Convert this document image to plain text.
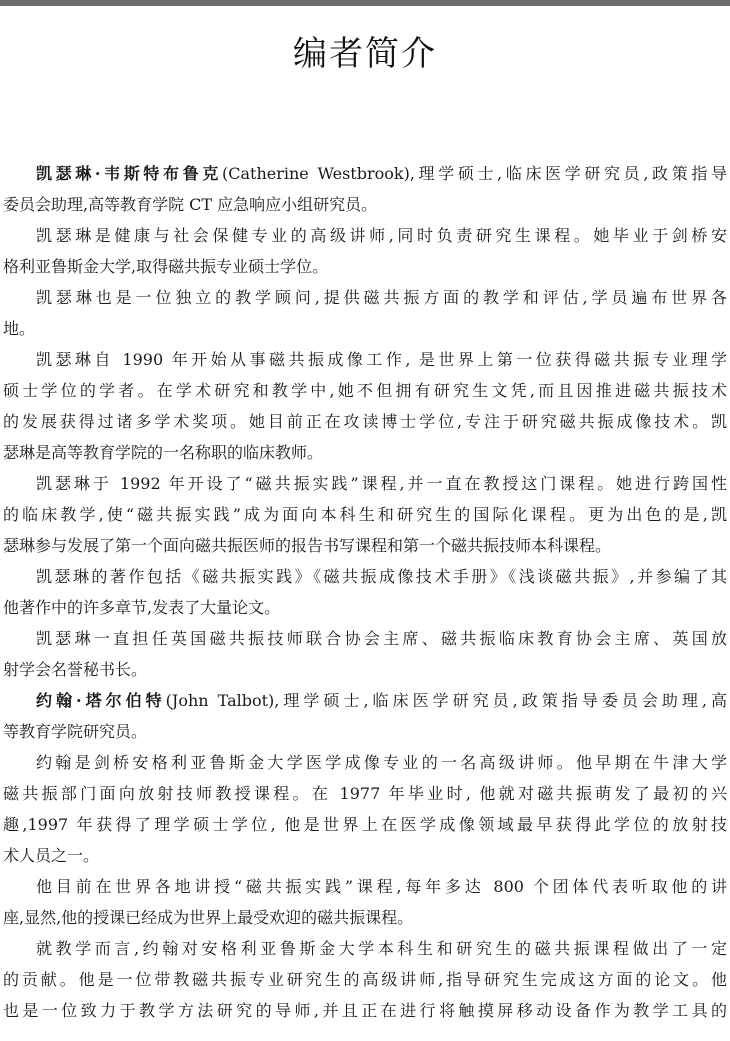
编者简介
凯瑟琳·韦斯特布鲁克(Catherine Westbrook),理学硕士,临床医学研究员,政策指导
委员会助理,高等教育学院 CT 应急响应小组研究员。
凯瑟琳是健康与社会保健专业的高级讲师,同时负责研究生课程。她毕业于剑桥安
格利亚鲁斯金大学,取得磁共振专业硕士学位。
凯瑟琳也是一位独立的教学顾问,提供磁共振方面的教学和评估,学员遍布世界各
地。
凯瑟琳自 1990 年开始从事磁共振成像工作, 是世界上第一位获得磁共振专业理学
硕士学位的学者。在学术研究和教学中,她不但拥有研究生文凭,而且因推进磁共振技术
的发展获得过诸多学术奖项。她目前正在攻读博士学位,专注于研究磁共振成像技术。凯
瑟琳是高等教育学院的一名称职的临床教师。
凯瑟琳于 1992 年开设了“磁共振实践”课程,并一直在教授这门课程。她进行跨国性
的临床教学,使“磁共振实践”成为面向本科生和研究生的国际化课程。更为出色的是,凯
瑟琳参与发展了第一个面向磁共振医师的报告书写课程和第一个磁共振技师本科课程。
凯瑟琳的著作包括《磁共振实践》《磁共振成像技术手册》《浅谈磁共振》,并参编了其
他著作中的许多章节,发表了大量论文。
凯瑟琳一直担任英国磁共振技师联合协会主席、磁共振临床教育协会主席、英国放
射学会名誉秘书长。
约翰·塔尔伯特(John Talbot),理学硕士,临床医学研究员,政策指导委员会助理,高
等教育学院研究员。
约翰是剑桥安格利亚鲁斯金大学医学成像专业的一名高级讲师。他早期在牛津大学
磁共振部门面向放射技师教授课程。在 1977 年毕业时, 他就对磁共振萌发了最初的兴
趣,1997 年获得了理学硕士学位, 他是世界上在医学成像领域最早获得此学位的放射技
术人员之一。
他目前在世界各地讲授“磁共振实践”课程,每年多达 800 个团体代表听取他的讲
座,显然,他的授课已经成为世界上最受欢迎的磁共振课程。
就教学而言,约翰对安格利亚鲁斯金大学本科生和研究生的磁共振课程做出了一定
的贡献。他是一位带教磁共振专业研究生的高级讲师,指导研究生完成这方面的论文。他
也是一位致力于教学方法研究的导师,并且正在进行将触摸屏移动设备作为教学工具的
